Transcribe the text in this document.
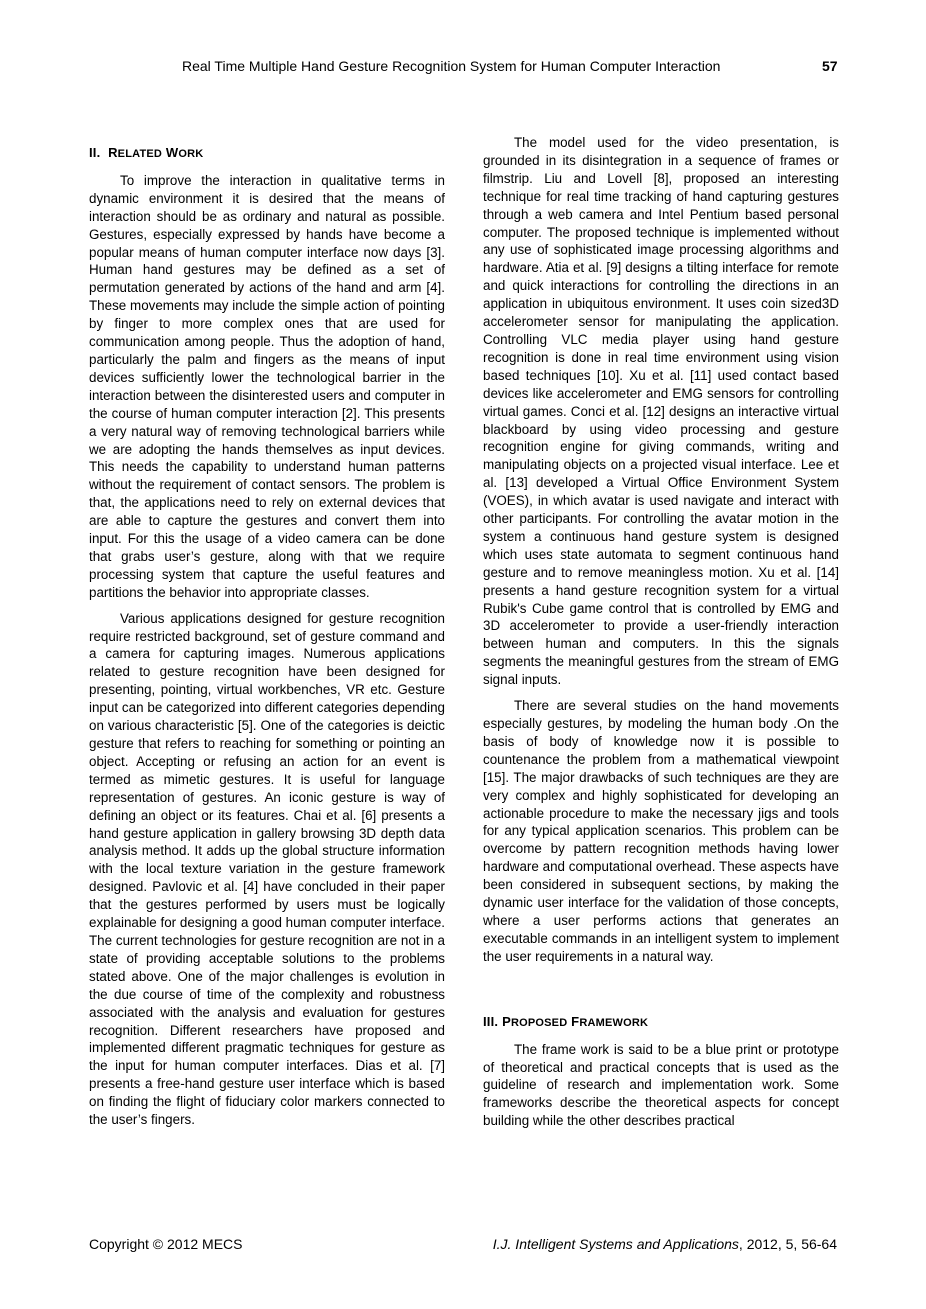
Real Time Multiple Hand Gesture Recognition System for Human Computer Interaction	57
II. RELATED WORK

To improve the interaction in qualitative terms in dynamic environment it is desired that the means of interaction should be as ordinary and natural as possible. Gestures, especially expressed by hands have become a popular means of human computer interface now days [3]. Human hand gestures may be defined as a set of permutation generated by actions of the hand and arm [4]. These movements may include the simple action of pointing by finger to more complex ones that are used for communication among people. Thus the adoption of hand, particularly the palm and fingers as the means of input devices sufficiently lower the technological barrier in the interaction between the disinterested users and computer in the course of human computer interaction [2]. This presents a very natural way of removing technological barriers while we are adopting the hands themselves as input devices. This needs the capability to understand human patterns without the requirement of contact sensors. The problem is that, the applications need to rely on external devices that are able to capture the gestures and convert them into input. For this the usage of a video camera can be done that grabs user’s gesture, along with that we require processing system that capture the useful features and partitions the behavior into appropriate classes.

Various applications designed for gesture recognition require restricted background, set of gesture command and a camera for capturing images. Numerous applications related to gesture recognition have been designed for presenting, pointing, virtual workbenches, VR etc. Gesture input can be categorized into different categories depending on various characteristic [5]. One of the categories is deictic gesture that refers to reaching for something or pointing an object. Accepting or refusing an action for an event is termed as mimetic gestures. It is useful for language representation of gestures. An iconic gesture is way of defining an object or its features. Chai et al. [6] presents a hand gesture application in gallery browsing 3D depth data analysis method. It adds up the global structure information with the local texture variation in the gesture framework designed. Pavlovic et al. [4] have concluded in their paper that the gestures performed by users must be logically explainable for designing a good human computer interface. The current technologies for gesture recognition are not in a state of providing acceptable solutions to the problems stated above. One of the major challenges is evolution in the due course of time of the complexity and robustness associated with the analysis and evaluation for gestures recognition. Different researchers have proposed and implemented different pragmatic techniques for gesture as the input for human computer interfaces. Dias et al. [7] presents a free-hand gesture user interface which is based on finding the flight of fiduciary color markers connected to the user’s fingers.

The model used for the video presentation, is grounded in its disintegration in a sequence of frames or filmstrip. Liu and Lovell [8], proposed an interesting technique for real time tracking of hand capturing gestures through a web camera and Intel Pentium based personal computer. The proposed technique is implemented without any use of sophisticated image processing algorithms and hardware. Atia et al. [9] designs a tilting interface for remote and quick interactions for controlling the directions in an application in ubiquitous environment. It uses coin sized3D accelerometer sensor for manipulating the application. Controlling VLC media player using hand gesture recognition is done in real time environment using vision based techniques [10]. Xu et al. [11] used contact based devices like accelerometer and EMG sensors for controlling virtual games. Conci et al. [12] designs an interactive virtual blackboard by using video processing and gesture recognition engine for giving commands, writing and manipulating objects on a projected visual interface. Lee et al. [13] developed a Virtual Office Environment System (VOES), in which avatar is used navigate and interact with other participants. For controlling the avatar motion in the system a continuous hand gesture system is designed which uses state automata to segment continuous hand gesture and to remove meaningless motion. Xu et al. [14] presents a hand gesture recognition system for a virtual Rubik's Cube game control that is controlled by EMG and 3D accelerometer to provide a user-friendly interaction between human and computers. In this the signals segments the meaningful gestures from the stream of EMG signal inputs.

There are several studies on the hand movements especially gestures, by modeling the human body .On the basis of body of knowledge now it is possible to countenance the problem from a mathematical viewpoint [15]. The major drawbacks of such techniques are they are very complex and highly sophisticated for developing an actionable procedure to make the necessary jigs and tools for any typical application scenarios. This problem can be overcome by pattern recognition methods having lower hardware and computational overhead. These aspects have been considered in subsequent sections, by making the dynamic user interface for the validation of those concepts, where a user performs actions that generates an executable commands in an intelligent system to implement the user requirements in a natural way.

III. PROPOSED FRAMEWORK

The frame work is said to be a blue print or prototype of theoretical and practical concepts that is used as the guideline of research and implementation work. Some frameworks describe the theoretical aspects for concept building while the other describes practical

Copyright © 2012 MECS	I.J. Intelligent Systems and Applications, 2012, 5, 56-64
